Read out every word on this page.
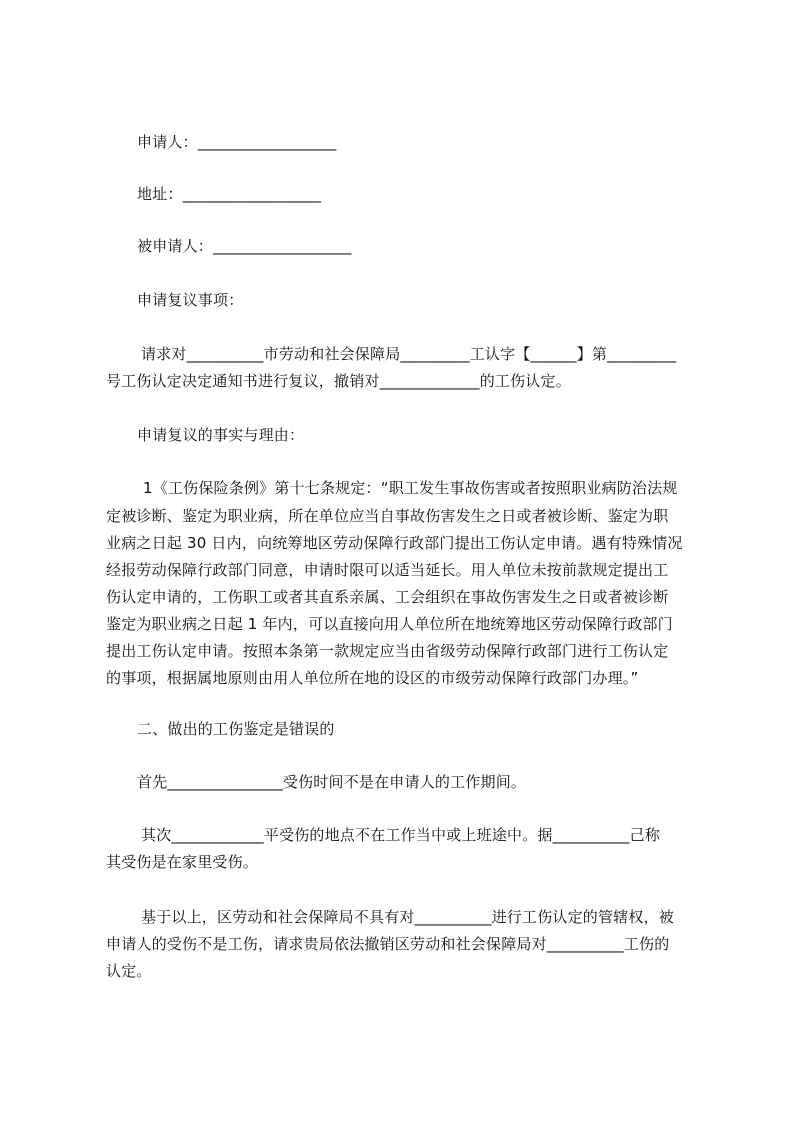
申请人：__________________
地址：__________________
被申请人：__________________
申请复议事项：
请求对__________市劳动和社会保障局_________工认字【______】第_________
号工伤认定决定通知书进行复议，撤销对_____________的工伤认定。
申请复议的事实与理由：
1《工伤保险条例》第十七条规定：“职工发生事故伤害或者按照职业病防治法规
定被诊断、鉴定为职业病，所在单位应当自事故伤害发生之日或者被诊断、鉴定为职
业病之日起 30 日内，向统筹地区劳动保障行政部门提出工伤认定申请。遇有特殊情况
经报劳动保障行政部门同意，申请时限可以适当延长。用人单位未按前款规定提出工
伤认定申请的，工伤职工或者其直系亲属、工会组织在事故伤害发生之日或者被诊断
鉴定为职业病之日起 1 年内，可以直接向用人单位所在地统筹地区劳动保障行政部门
提出工伤认定申请。按照本条第一款规定应当由省级劳动保障行政部门进行工伤认定
的事项，根据属地原则由用人单位所在地的设区的市级劳动保障行政部门办理。”
二、做出的工伤鉴定是错误的
首先_______________受伤时间不是在申请人的工作期间。
其次____________平受伤的地点不在工作当中或上班途中。据__________己称
其受伤是在家里受伤。
基于以上，区劳动和社会保障局不具有对__________进行工伤认定的管辖权，被
申请人的受伤不是工伤，请求贵局依法撤销区劳动和社会保障局对__________工伤的
认定。
